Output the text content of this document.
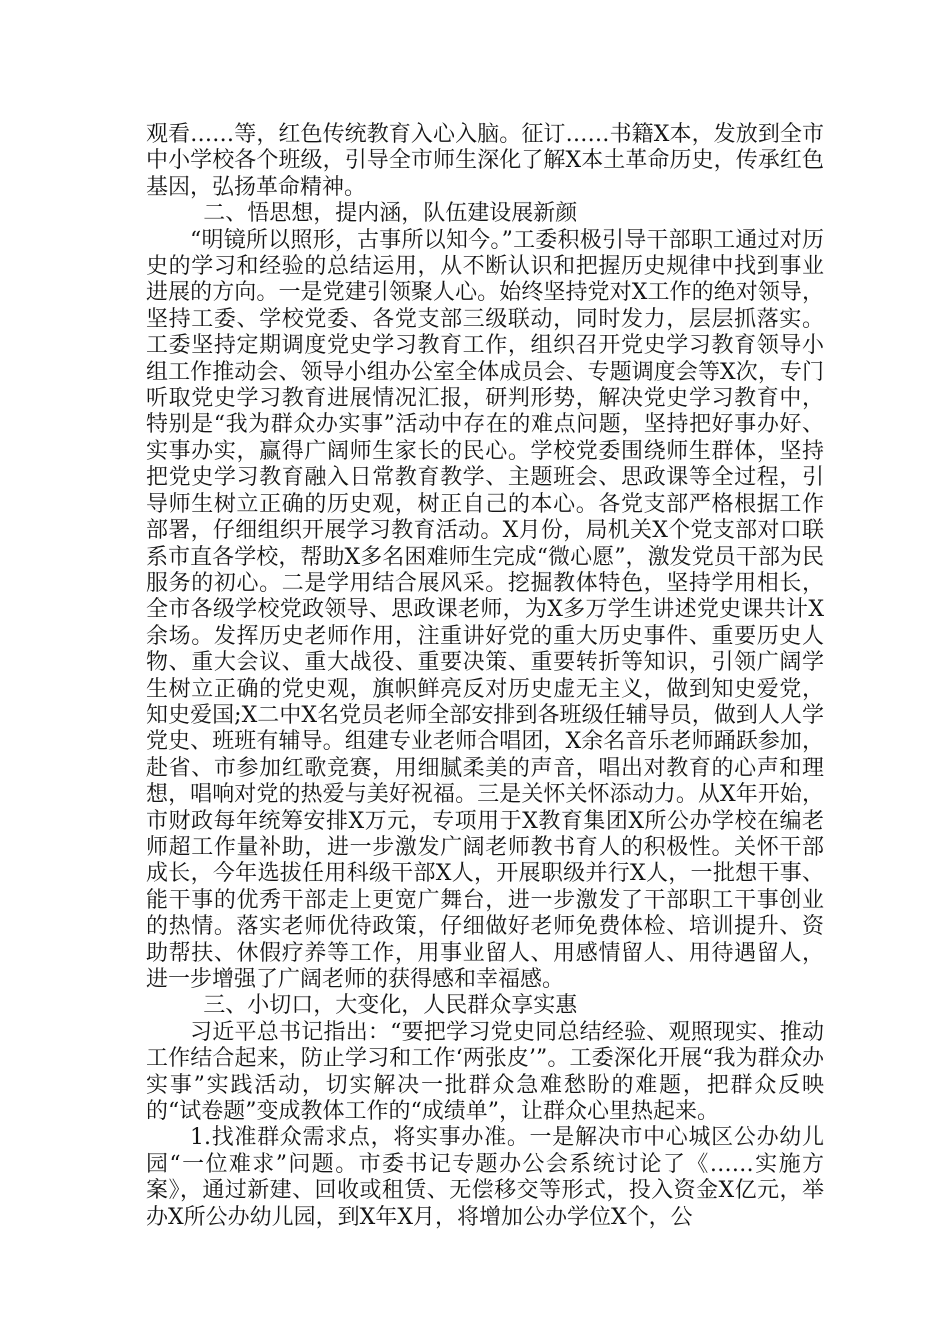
观看……等，红色传统教育入心入脑。征订……书籍X本，发放到全市中小学校各个班级，引导全市师生深化了解X本土革命历史，传承红色基因，弘扬革命精神。

二、悟思想，提内涵，队伍建设展新颜

“明镜所以照形，古事所以知今。”工委积极引导干部职工通过对历史的学习和经验的总结运用，从不断认识和把握历史规律中找到事业进展的方向。一是党建引领聚人心。始终坚持党对X工作的绝对领导，坚持工委、学校党委、各党支部三级联动，同时发力，层层抓落实。工委坚持定期调度党史学习教育工作，组织召开党史学习教育领导小组工作推动会、领导小组办公室全体成员会、专题调度会等X次，专门听取党史学习教育进展情况汇报，研判形势，解决党史学习教育中，特别是“我为群众办实事”活动中存在的难点问题，坚持把好事办好、实事办实，赢得广阔师生家长的民心。学校党委围绕师生群体，坚持把党史学习教育融入日常教育教学、主题班会、思政课等全过程，引导师生树立正确的历史观，树正自己的本心。各党支部严格根据工作部署，仔细组织开展学习教育活动。X月份，局机关X个党支部对口联系市直各学校，帮助X多名困难师生完成“微心愿”，激发党员干部为民服务的初心。二是学用结合展风采。挖掘教体特色，坚持学用相长，全市各级学校党政领导、思政课老师，为X多万学生讲述党史课共计X余场。发挥历史老师作用，注重讲好党的重大历史事件、重要历史人物、重大会议、重大战役、重要决策、重要转折等知识，引领广阔学生树立正确的党史观，旗帜鲜亮反对历史虚无主义，做到知史爱党，知史爱国;X二中X名党员老师全部安排到各班级任辅导员，做到人人学党史、班班有辅导。组建专业老师合唱团，X余名音乐老师踊跃参加，赴省、市参加红歌竞赛，用细腻柔美的声音，唱出对教育的心声和理想，唱响对党的热爱与美好祝福。三是关怀关怀添动力。从X年开始，市财政每年统筹安排X万元，专项用于X教育集团X所公办学校在编老师超工作量补助，进一步激发广阔老师教书育人的积极性。关怀干部成长，今年选拔任用科级干部X人，开展职级并行X人，一批想干事、能干事的优秀干部走上更宽广舞台，进一步激发了干部职工干事创业的热情。落实老师优待政策，仔细做好老师免费体检、培训提升、资助帮扶、休假疗养等工作，用事业留人、用感情留人、用待遇留人，进一步增强了广阔老师的获得感和幸福感。

三、小切口，大变化，人民群众享实惠

习近平总书记指出：“要把学习党史同总结经验、观照现实、推动工作结合起来，防止学习和工作‘两张皮’”。工委深化开展“我为群众办实事”实践活动，切实解决一批群众急难愁盼的难题，把群众反映的“试卷题”变成教体工作的“成绩单”，让群众心里热起来。

1.找准群众需求点，将实事办准。一是解决市中心城区公办幼儿园“一位难求”问题。市委书记专题办公会系统讨论了《……实施方案》，通过新建、回收或租赁、无偿移交等形式，投入资金X亿元，举办X所公办幼儿园，到X年X月，将增加公办学位X个，公
